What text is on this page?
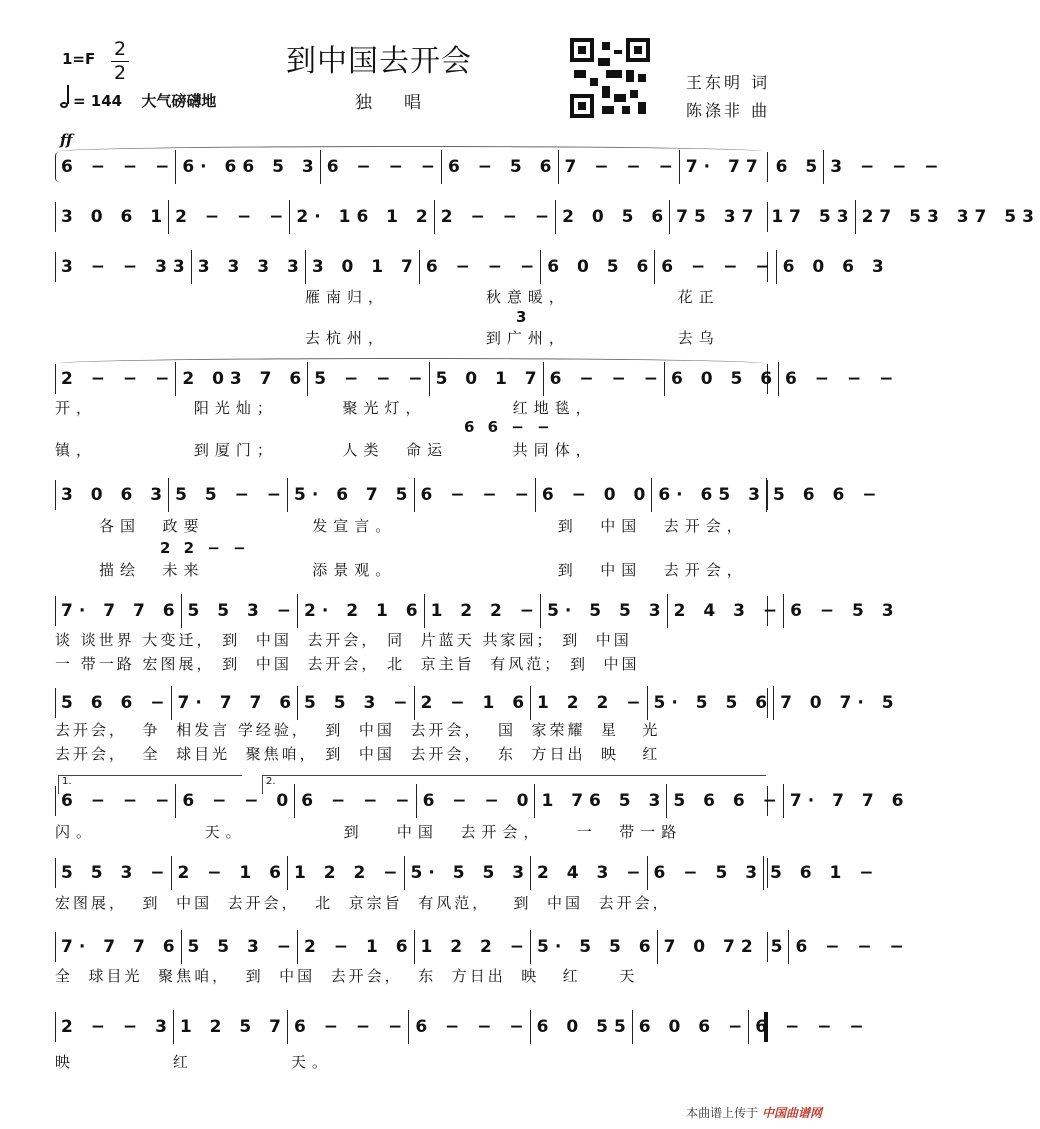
1=F 2
2
= 144 大气磅礴地
到中国去开会
独唱
王东明 词
陈涤非 曲
ff
6 − − − 6· 66 5 3 6 − − − 6 − 5 6 7 − − − 7· 77 6 5 3 − − −
3 0 6 1 2 − − − 2· 16 1 2 2 − − − 2 0 5 6 75 37 17 53 27 53 37 53
3 − − 33 3 3 3 3 3 0 1 7 6 − − − 6 0 5 6 6 − − − 6 0 6 3
2 − − − 2 03 7 6 5 − − − 5 0 1 7 6 − − − 6 0 5 6 6 − − −
3 0 6 3 5 5 − − 5· 6 7 5 6 − − − 6 − 0 0 6· 65 3 5 6 6 −
7· 7 7 6 5 5 3 − 2· 2 1 6 1 2 2 − 5· 5 5 3 2 4 3 − 6 − 5 3
5 6 6 − 7· 7 7 6 5 5 3 − 2 − 1 6 1 2 2 − 5· 5 5 6 7 0 7· 5
6 − − − 6 − − 0 6 − − − 6 − − 0 1 76 5 3 5 6 6 − 7· 7 7 6
5 5 3 − 2 − 1 6 1 2 2 − 5· 5 5 3 2 4 3 − 6 − 5 3 5 6 1 −
7· 7 7 6 5 5 3 − 2 − 1 6 1 2 2 − 5· 5 5 6 7 0 72 5 6 − − −
2 − − 3 1 2 5 7 6 − − − 6 − − − 6 0 55 6 0 6 − 6 − − −
雁南归，         秋意暖，          花正
3
去杭州，         到广州，          去乌
开，         阳光灿；      聚光灯，        红地毯，
6 6 − −
镇，         到厦门；      人类  命运      共同体，
各国  政要          发宣言。               到  中国  去开会，
2 2 − −
描绘  未来          添景观。               到  中国  去开会，
谈 谈世界 大变迁， 到  中国  去开会， 同  片蓝天 共家园； 到  中国
一 带一路 宏图展， 到  中国  去开会， 北  京主旨  有风范； 到  中国
去开会，  争  相发言 学经验，  到  中国  去开会，  国  家荣耀  星   光
去开会，  全  球目光  聚焦咱， 到  中国  去开会，  东  方日出  映   红
闪。          天。         到   中国  去开会，   一  带一路
宏图展，  到  中国  去开会，  北  京宗旨  有风范，   到  中国  去开会，
全  球目光  聚焦咱，  到  中国  去开会，  东  方日出  映   红     天
映         红         天。
1.	2.
本曲谱上传于 中国曲谱网
